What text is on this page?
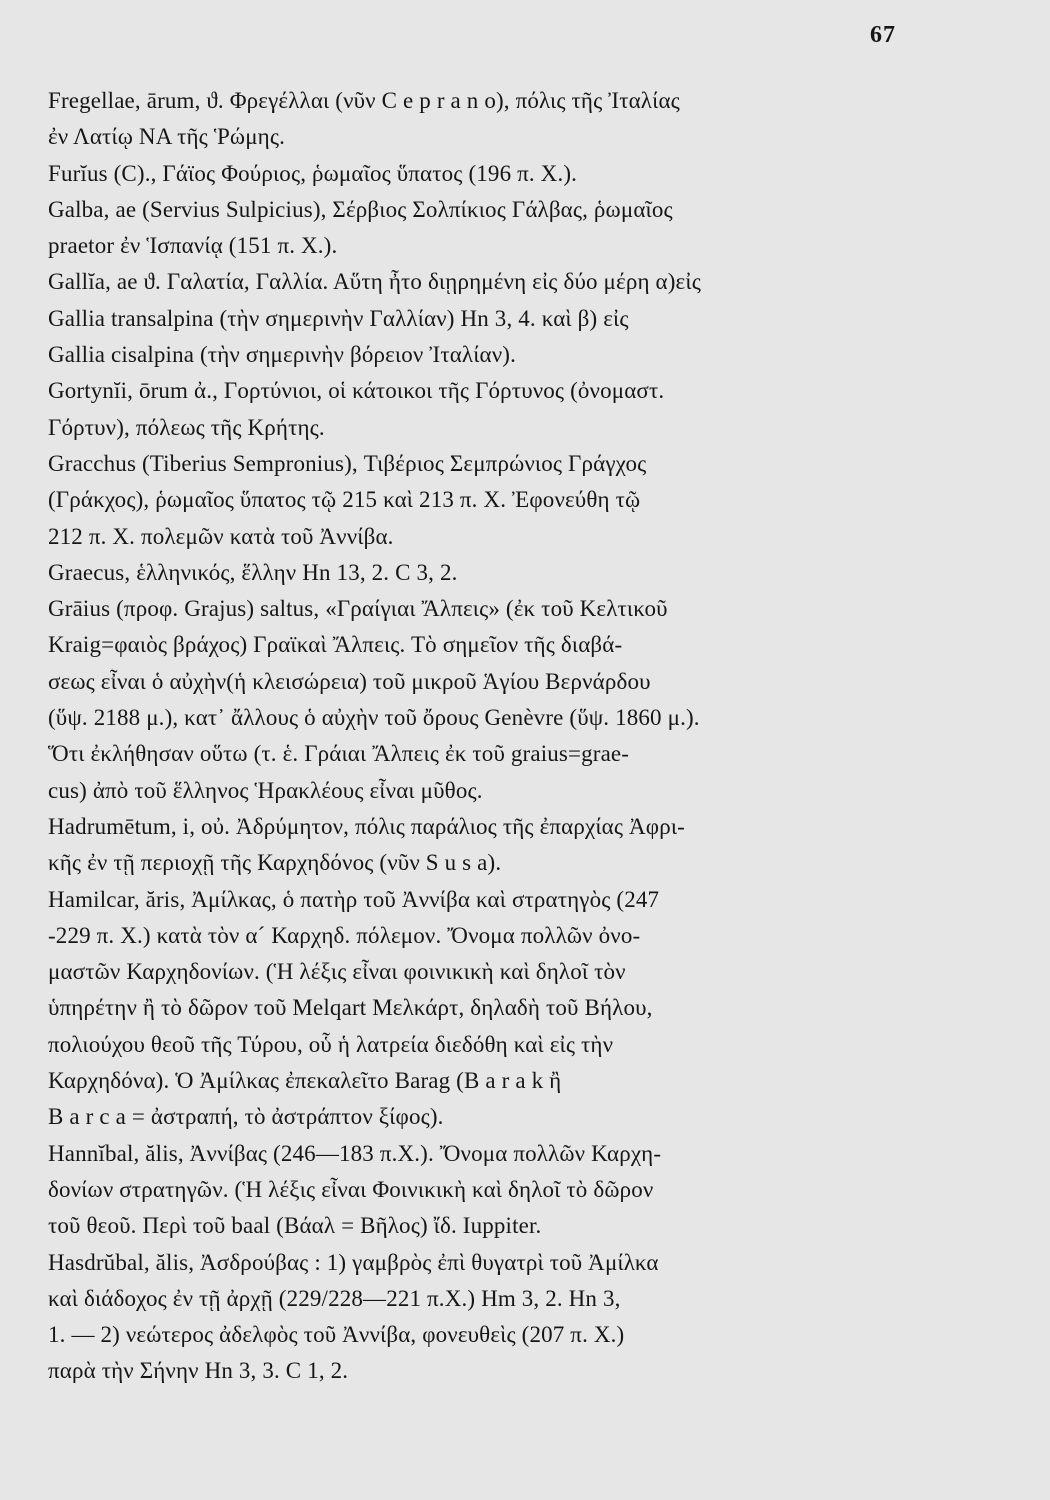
67

Fregellae, ārum, ϑ. Φρεγέλλαι (νῦν C e p r a n o), πόλις τῆς Ἰταλίας
ἐν Λατίῳ ΝΑ τῆς Ῥώμης.

Furĭus (C)., Γάϊος Φούριος, ῥωμαῖος ὕπατος (196 π. Χ.).

Galba, ae (Servius Sulpicius), Σέρβιος Σολπίκιος Γάλβας, ῥωμαῖος
praetor ἐν Ἱσπανίᾳ (151 π. Χ.).

Gallĭa, ae ϑ. Γαλατία, Γαλλία. Αὕτη ἦτο διῃρημένη εἰς δύο μέρη α)εἰς
Gallia transalpina (τὴν σημερινὴν Γαλλίαν) Hn 3, 4. καὶ β) εἰς
Gallia cisalpina (τὴν σημερινὴν βόρειον Ἰταλίαν).

Gortynĭi, ōrum ἀ., Γορτύνιοι, οἱ κάτοικοι τῆς Γόρτυνος (ὀνομαστ.
Γόρτυν), πόλεως τῆς Κρήτης.

Gracchus (Tiberius Sempronius), Τιβέριος Σεμπρώνιος Γράγχος
(Γράκχος), ῥωμαῖος ὕπατος τῷ 215 καὶ 213 π. Χ. Ἐφονεύθη τῷ
212 π. Χ. πολεμῶν κατὰ τοῦ Ἀννίβα.

Graecus, ἑλληνικός, ἕλλην Hn 13, 2. C 3, 2.

Grāius (προφ. Grajus) saltus, «Γραίγιαι Ἄλπεις» (ἐκ τοῦ Κελτικοῦ
Kraig=φαιὸς βράχος) Γραϊκαὶ Ἄλπεις. Τὸ σημεῖον τῆς διαβά-
σεως εἶναι ὁ αὐχὴν(ἡ κλεισώρεια) τοῦ μικροῦ Ἁγίου Βερνάρδου
(ὕψ. 2188 μ.), κατ᾽ ἄλλους ὁ αὐχὴν τοῦ ὄρους Genèvre (ὕψ. 1860 μ.).
Ὅτι ἐκλήθησαν οὕτω (τ. ἑ. Γράιαι Ἄλπεις ἐκ τοῦ graius=grae-
cus) ἀπὸ τοῦ ἕλληνος Ἡρακλέους εἶναι μῦθος.

Hadrumētum, i, οὐ. Ἀδρύμητον, πόλις παράλιος τῆς ἐπαρχίας Ἀφρι-
κῆς ἐν τῇ περιοχῇ τῆς Καρχηδόνος (νῦν S u s a).

Hamilcar, ăris, Ἀμίλκας, ὁ πατὴρ τοῦ Ἀννίβα καὶ στρατηγὸς (247
-229 π. Χ.) κατὰ τὸν α´ Καρχηδ. πόλεμον. Ὄνομα πολλῶν ὀνο-
μαστῶν Καρχηδονίων. (Ἡ λέξις εἶναι φοινικικὴ καὶ δηλοῖ τὸν
ὑπηρέτην ἢ τὸ δῶρον τοῦ Melqart Μελκάρτ, δηλαδὴ τοῦ Βήλου,
πολιούχου θεοῦ τῆς Τύρου, οὗ ἡ λατρεία διεδόθη καὶ εἰς τὴν
Καρχηδόνα). Ὁ Ἀμίλκας ἐπεκαλεῖτο Barag (B a r a k ἢ
B a r c a = ἀστραπή, τὸ ἀστράπτον ξίφος).

Hannĭbal, ălis, Ἀννίβας (246—183 π.Χ.). Ὄνομα πολλῶν Καρχη-
δονίων στρατηγῶν. (Ἡ λέξις εἶναι Φοινικικὴ καὶ δηλοῖ τὸ δῶρον
τοῦ θεοῦ. Περὶ τοῦ baal (Βάαλ = Βῆλος) ἴδ. Iuppiter.

Hasdrŭbal, ălis, Ἀσδρούβας : 1) γαμβρὸς ἐπὶ θυγατρὶ τοῦ Ἀμίλκα
καὶ διάδοχος ἐν τῇ ἀρχῇ (229/228—221 π.Χ.) Hm 3, 2. Hn 3,
1. — 2) νεώτερος ἀδελφὸς τοῦ Ἀννίβα, φονευθεὶς (207 π. Χ.)
παρὰ τὴν Σήνην Hn 3, 3. C 1, 2.
